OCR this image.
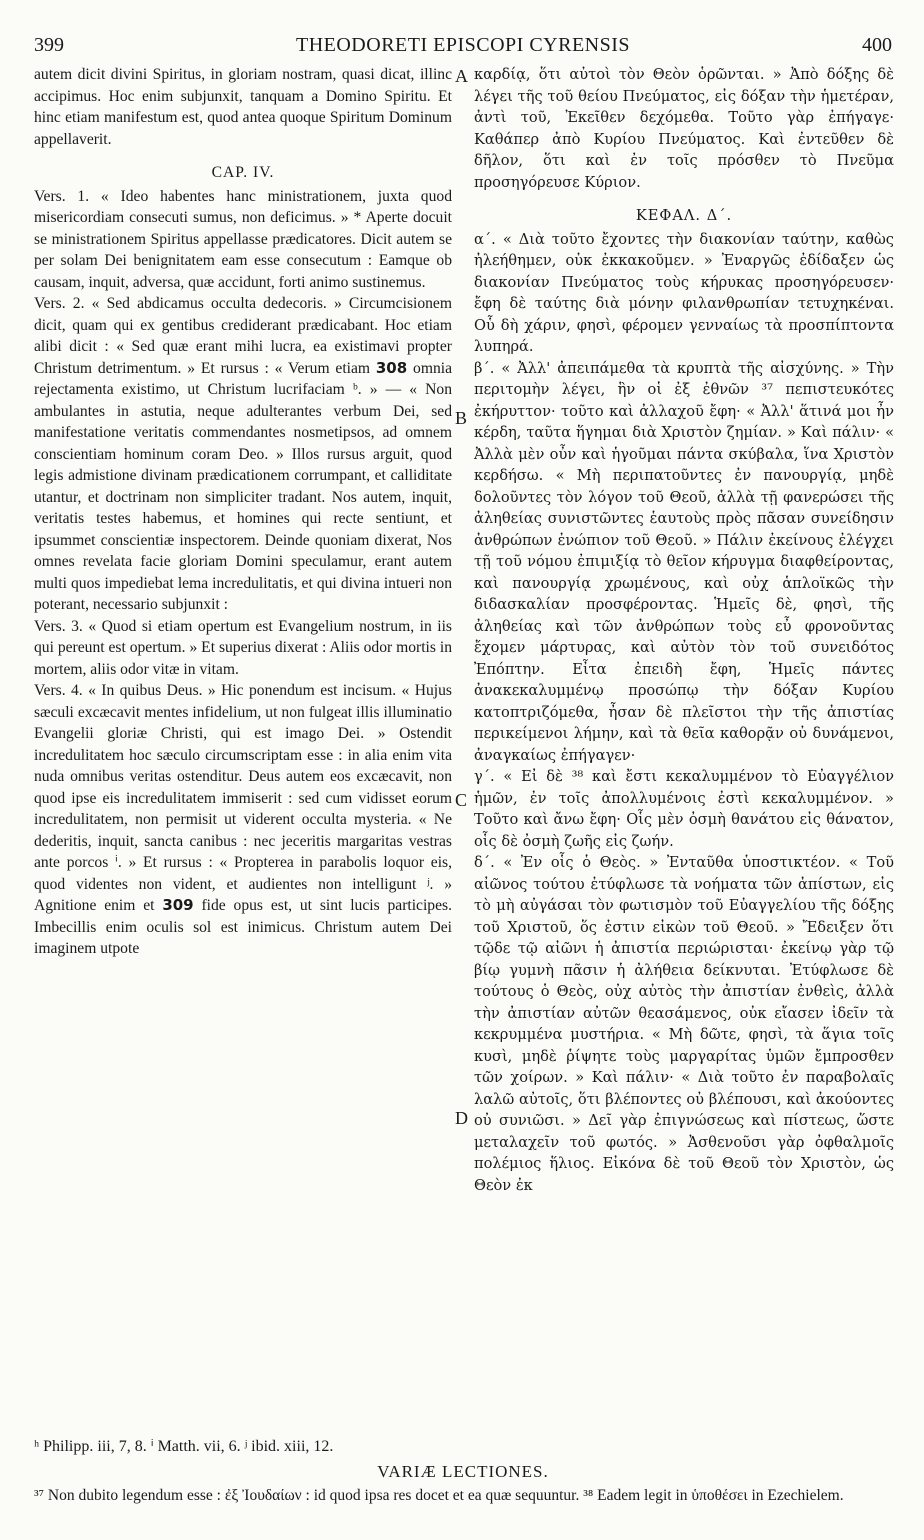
399	THEODORETI EPISCOPI CYRENSIS	400
A
B
C
D

autem dicit divini Spiritus, in gloriam nostram, quasi dicat, illinc accipimus. Hoc enim subjunxit, tanquam a Domino Spiritu. Et hinc etiam manifestum est, quod antea quoque Spiritum Dominum appellaverit.

CAP. IV.

Vers. 1. « Ideo habentes hanc ministrationem, juxta quod misericordiam consecuti sumus, non deficimus. » * Aperte docuit se ministrationem Spiritus appellasse prædicatores. Dicit autem se per solam Dei benignitatem eam esse consecutum : Eamque ob causam, inquit, adversa, quæ accidunt, forti animo sustinemus.

Vers. 2. « Sed abdicamus occulta dedecoris. » Circumcisionem dicit, quam qui ex gentibus crediderant prædicabant. Hoc etiam alibi dicit : « Sed quæ erant mihi lucra, ea existimavi propter Christum detrimentum. » Et rursus : « Verum etiam 308 omnia rejectamenta existimo, ut Christum lucrifaciam ᵇ. » — « Non ambulantes in astutia, neque adulterantes verbum Dei, sed manifestatione veritatis commendantes nosmetipsos, ad omnem conscientiam hominum coram Deo. » Illos rursus arguit, quod legis admistione divinam prædicationem corrumpant, et calliditate utantur, et doctrinam non simpliciter tradant. Nos autem, inquit, veritatis testes habemus, et homines qui recte sentiunt, et ipsummet conscientiæ inspectorem. Deinde quoniam dixerat, Nos omnes revelata facie gloriam Domini speculamur, erant autem multi quos impediebat lema incredulitatis, et qui divina intueri non poterant, necessario subjunxit :

Vers. 3. « Quod si etiam opertum est Evangelium nostrum, in iis qui pereunt est opertum. » Et superius dixerat : Aliis odor mortis in mortem, aliis odor vitæ in vitam.

Vers. 4. « In quibus Deus. » Hic ponendum est incisum. « Hujus sæculi excæcavit mentes infidelium, ut non fulgeat illis illuminatio Evangelii gloriæ Christi, qui est imago Dei. » Ostendit incredulitatem hoc sæculo circumscriptam esse : in alia enim vita nuda omnibus veritas ostenditur. Deus autem eos excæcavit, non quod ipse eis incredulitatem immiserit : sed cum vidisset eorum incredulitatem, non permisit ut viderent occulta mysteria. « Ne dederitis, inquit, sancta canibus : nec jeceritis margaritas vestras ante porcos ⁱ. » Et rursus : « Propterea in parabolis loquor eis, quod videntes non vident, et audientes non intelligunt ʲ. » Agnitione enim et 309 fide opus est, ut sint lucis participes. Imbecillis enim oculis sol est inimicus. Christum autem Dei imaginem utpote

καρδίᾳ, ὅτι αὐτοὶ τὸν Θεὸν ὁρῶνται. » Ἀπὸ δόξης δὲ λέγει τῆς τοῦ θείου Πνεύματος, εἰς δόξαν τὴν ἡμετέραν, ἀντὶ τοῦ, Ἐκεῖθεν δεχόμεθα. Τοῦτο γὰρ ἐπήγαγε· Καθάπερ ἀπὸ Κυρίου Πνεύματος. Καὶ ἐντεῦθεν δὲ δῆλον, ὅτι καὶ ἐν τοῖς πρόσθεν τὸ Πνεῦμα προσηγόρευσε Κύριον.

ΚΕΦΑΛ. Δ΄.

α΄. « Διὰ τοῦτο ἔχοντες τὴν διακονίαν ταύτην, καθὼς ἠλεήθημεν, οὐκ ἐκκακοῦμεν. » Ἐναργῶς ἐδίδαξεν ὡς διακονίαν Πνεύματος τοὺς κήρυκας προσηγόρευσεν· ἔφη δὲ ταύτης διὰ μόνην φιλανθρωπίαν τετυχηκέναι. Οὗ δὴ χάριν, φησὶ, φέρομεν γενναίως τὰ προσπίπτοντα λυπηρά.

β΄. « Ἀλλ' ἀπειπάμεθα τὰ κρυπτὰ τῆς αἰσχύνης. » Τὴν περιτομὴν λέγει, ἣν οἱ ἐξ ἐθνῶν ³⁷ πεπιστευκότες ἐκήρυττον· τοῦτο καὶ ἀλλαχοῦ ἔφη· « Ἀλλ' ἅτινά μοι ἦν κέρδη, ταῦτα ἥγημαι διὰ Χριστὸν ζημίαν. » Καὶ πάλιν· « Ἀλλὰ μὲν οὖν καὶ ἡγοῦμαι πάντα σκύβαλα, ἵνα Χριστὸν κερδήσω. « Μὴ περιπατοῦντες ἐν πανουργίᾳ, μηδὲ δολοῦντες τὸν λόγον τοῦ Θεοῦ, ἀλλὰ τῇ φανερώσει τῆς ἀληθείας συνιστῶντες ἑαυτοὺς πρὸς πᾶσαν συνείδησιν ἀνθρώπων ἐνώπιον τοῦ Θεοῦ. » Πάλιν ἐκείνους ἐλέγχει τῇ τοῦ νόμου ἐπιμιξίᾳ τὸ θεῖον κήρυγμα διαφθείροντας, καὶ πανουργίᾳ χρωμένους, καὶ οὐχ ἁπλοϊκῶς τὴν διδασκαλίαν προσφέροντας. Ἡμεῖς δὲ, φησὶ, τῆς ἀληθείας καὶ τῶν ἀνθρώπων τοὺς εὖ φρονοῦντας ἔχομεν μάρτυρας, καὶ αὐτὸν τὸν τοῦ συνειδότος Ἐπόπτην. Εἶτα ἐπειδὴ ἔφη, Ἡμεῖς πάντες ἀνακεκαλυμμένῳ προσώπῳ τὴν δόξαν Κυρίου κατοπτριζόμεθα, ἦσαν δὲ πλεῖστοι τὴν τῆς ἀπιστίας περικείμενοι λήμην, καὶ τὰ θεῖα καθορᾷν οὐ δυνάμενοι, ἀναγκαίως ἐπήγαγεν·

γ΄. « Εἰ δὲ ³⁸ καὶ ἔστι κεκαλυμμένον τὸ Εὐαγγέλιον ἡμῶν, ἐν τοῖς ἀπολλυμένοις ἐστὶ κεκαλυμμένον. » Τοῦτο καὶ ἄνω ἔφη· Οἷς μὲν ὀσμὴ θανάτου εἰς θάνατον, οἷς δὲ ὀσμὴ ζωῆς εἰς ζωήν.

δ΄. « Ἐν οἷς ὁ Θεὸς. » Ἐνταῦθα ὑποστικτέον. « Τοῦ αἰῶνος τούτου ἐτύφλωσε τὰ νοήματα τῶν ἀπίστων, εἰς τὸ μὴ αὐγάσαι τὸν φωτισμὸν τοῦ Εὐαγγελίου τῆς δόξης τοῦ Χριστοῦ, ὅς ἐστιν εἰκὼν τοῦ Θεοῦ. » Ἔδειξεν ὅτι τῷδε τῷ αἰῶνι ἡ ἀπιστία περιώρισται· ἐκείνῳ γὰρ τῷ βίῳ γυμνὴ πᾶσιν ἡ ἀλήθεια δείκνυται. Ἐτύφλωσε δὲ τούτους ὁ Θεὸς, οὐχ αὐτὸς τὴν ἀπιστίαν ἐνθεὶς, ἀλλὰ τὴν ἀπιστίαν αὐτῶν θεασάμενος, οὐκ εἴασεν ἰδεῖν τὰ κεκρυμμένα μυστήρια. « Μὴ δῶτε, φησὶ, τὰ ἅγια τοῖς κυσὶ, μηδὲ ῥίψητε τοὺς μαργαρίτας ὑμῶν ἔμπροσθεν τῶν χοίρων. » Καὶ πάλιν· « Διὰ τοῦτο ἐν παραβολαῖς λαλῶ αὐτοῖς, ὅτι βλέποντες οὐ βλέπουσι, καὶ ἀκούοντες οὐ συνιῶσι. » Δεῖ γὰρ ἐπιγνώσεως καὶ πίστεως, ὥστε μεταλαχεῖν τοῦ φωτός. » Ἀσθενοῦσι γὰρ ὀφθαλμοῖς πολέμιος ἥλιος. Εἰκόνα δὲ τοῦ Θεοῦ τὸν Χριστὸν, ὡς Θεὸν ἐκ

ʰ Philipp. iii, 7, 8. ⁱ Matth. vii, 6. ʲ ibid. xiii, 12.
VARIÆ LECTIONES.
³⁷ Non dubito legendum esse : ἐξ Ἰουδαίων : id quod ipsa res docet et ea quæ sequuntur. ³⁸ Eadem legit in ὑποθέσει in Ezechielem.
